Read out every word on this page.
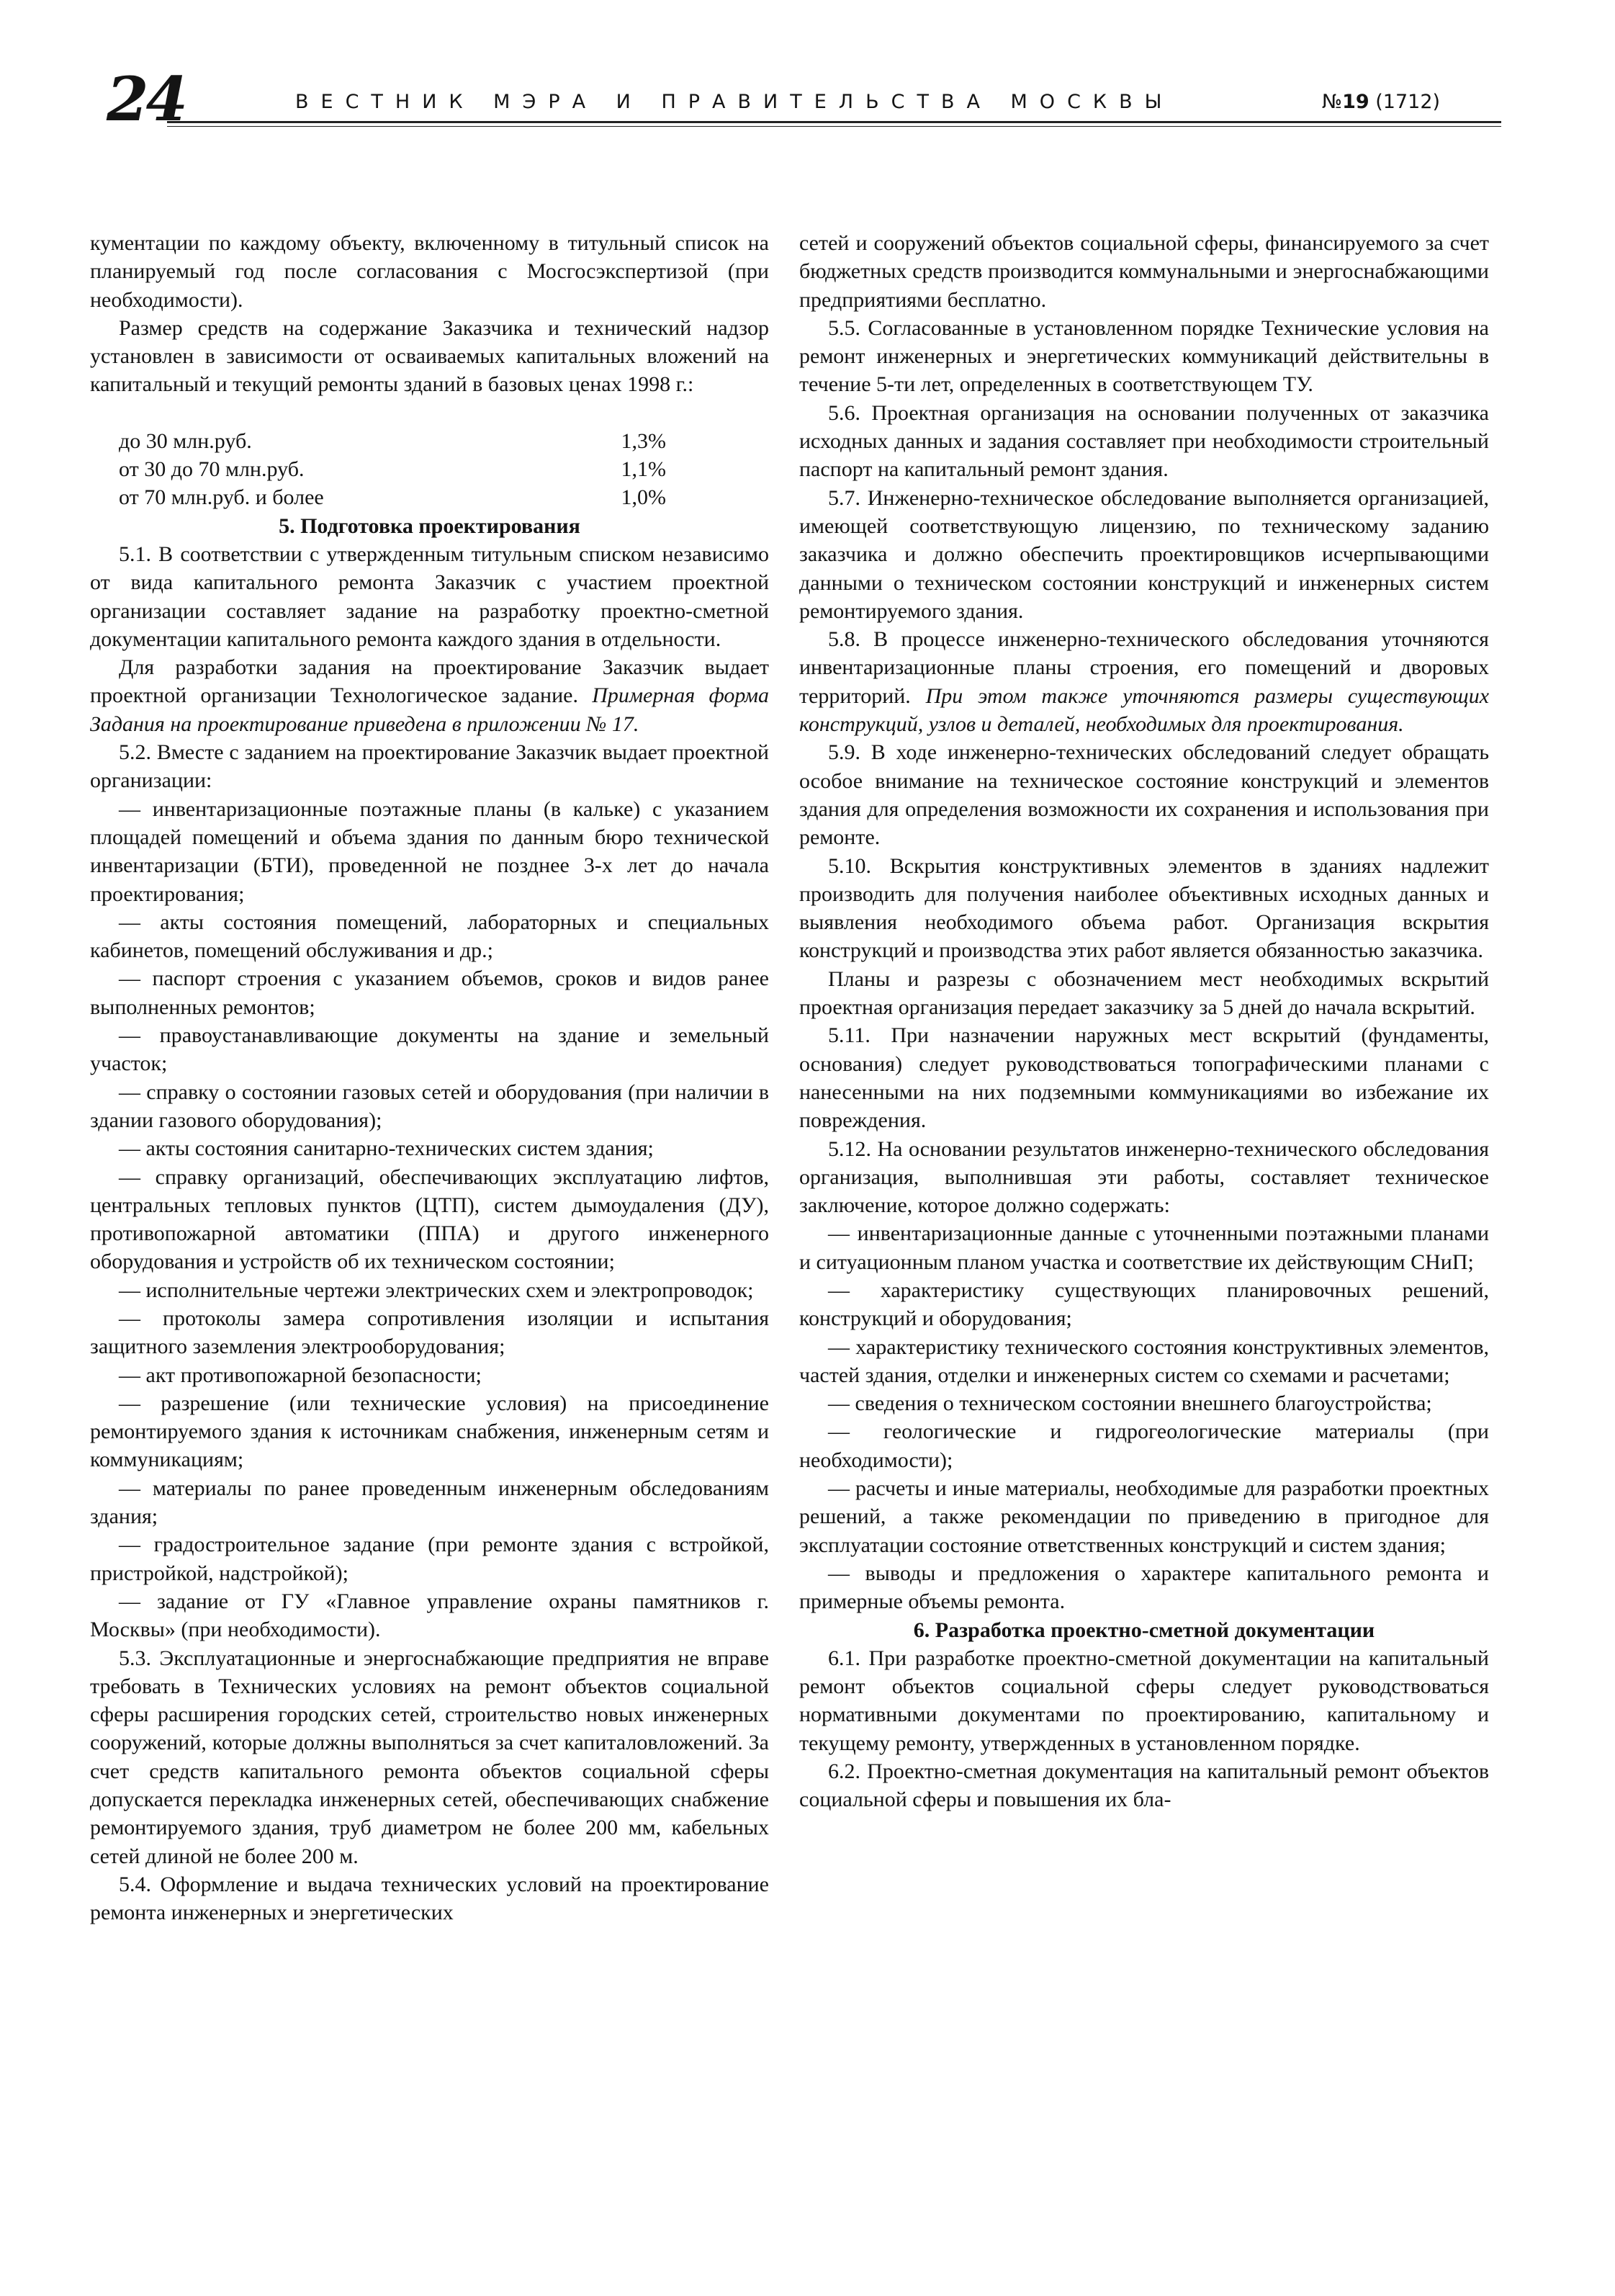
24	ВЕСТНИК МЭРА И ПРАВИТЕЛЬСТВА МОСКВЫ	№19 (1712)

кументации по каждому объекту, включенному в титульный список на планируемый год после согласования с Мосгосэкспертизой (при необходимости).

Размер средств на содержание Заказчика и технический надзор установлен в зависимости от осваиваемых капитальных вложений на капитальный и текущий ремонты зданий в базовых ценах 1998 г.:

до 30 млн.руб.	1,3%
от 30 до 70 млн.руб.	1,1%
от 70 млн.руб. и более	1,0%
5. Подготовка проектирования

5.1. В соответствии с утвержденным титульным списком независимо от вида капитального ремонта Заказчик с участием проектной организации составляет задание на разработку проектно-сметной документации капитального ремонта каждого здания в отдельности.

Для разработки задания на проектирование Заказчик выдает проектной организации Технологическое задание. Примерная форма Задания на проектирование приведена в приложении № 17.

5.2. Вместе с заданием на проектирование Заказчик выдает проектной организации:

— инвентаризационные поэтажные планы (в кальке) с указанием площадей помещений и объема здания по данным бюро технической инвентаризации (БТИ), проведенной не позднее 3-х лет до начала проектирования;

— акты состояния помещений, лабораторных и специальных кабинетов, помещений обслуживания и др.;

— паспорт строения с указанием объемов, сроков и видов ранее выполненных ремонтов;

— правоустанавливающие документы на здание и земельный участок;

— справку о состоянии газовых сетей и оборудования (при наличии в здании газового оборудования);

— акты состояния санитарно-технических систем здания;

— справку организаций, обеспечивающих эксплуатацию лифтов, центральных тепловых пунктов (ЦТП), систем дымоудаления (ДУ), противопожарной автоматики (ППА) и другого инженерного оборудования и устройств об их техническом состоянии;

— исполнительные чертежи электрических схем и электропроводок;

— протоколы замера сопротивления изоляции и испытания защитного заземления электрооборудования;

— акт противопожарной безопасности;

— разрешение (или технические условия) на присоединение ремонтируемого здания к источникам снабжения, инженерным сетям и коммуникациям;

— материалы по ранее проведенным инженерным обследованиям здания;

— градостроительное задание (при ремонте здания с встройкой, пристройкой, надстройкой);

— задание от ГУ «Главное управление охраны памятников г. Москвы» (при необходимости).

5.3. Эксплуатационные и энергоснабжающие предприятия не вправе требовать в Технических условиях на ремонт объектов социальной сферы расширения городских сетей, строительство новых инженерных сооружений, которые должны выполняться за счет капиталовложений. За счет средств капитального ремонта объектов социальной сферы допускается перекладка инженерных сетей, обеспечивающих снабжение ремонтируемого здания, труб диаметром не более 200 мм, кабельных сетей длиной не более 200 м.

5.4. Оформление и выдача технических условий на проектирование ремонта инженерных и энергетических

сетей и сооружений объектов социальной сферы, финансируемого за счет бюджетных средств производится коммунальными и энергоснабжающими предприятиями бесплатно.

5.5. Согласованные в установленном порядке Технические условия на ремонт инженерных и энергетических коммуникаций действительны в течение 5-ти лет, определенных в соответствующем ТУ.

5.6. Проектная организация на основании полученных от заказчика исходных данных и задания составляет при необходимости строительный паспорт на капитальный ремонт здания.

5.7. Инженерно-техническое обследование выполняется организацией, имеющей соответствующую лицензию, по техническому заданию заказчика и должно обеспечить проектировщиков исчерпывающими данными о техническом состоянии конструкций и инженерных систем ремонтируемого здания.

5.8. В процессе инженерно-технического обследования уточняются инвентаризационные планы строения, его помещений и дворовых территорий. При этом также уточняются размеры существующих конструкций, узлов и деталей, необходимых для проектирования.

5.9. В ходе инженерно-технических обследований следует обращать особое внимание на техническое состояние конструкций и элементов здания для определения возможности их сохранения и использования при ремонте.

5.10. Вскрытия конструктивных элементов в зданиях надлежит производить для получения наиболее объективных исходных данных и выявления необходимого объема работ. Организация вскрытия конструкций и производства этих работ является обязанностью заказчика.

Планы и разрезы с обозначением мест необходимых вскрытий проектная организация передает заказчику за 5 дней до начала вскрытий.

5.11. При назначении наружных мест вскрытий (фундаменты, основания) следует руководствоваться топографическими планами с нанесенными на них подземными коммуникациями во избежание их повреждения.

5.12. На основании результатов инженерно-технического обследования организация, выполнившая эти работы, составляет техническое заключение, которое должно содержать:

— инвентаризационные данные с уточненными поэтажными планами и ситуационным планом участка и соответствие их действующим СНиП;

— характеристику существующих планировочных решений, конструкций и оборудования;

— характеристику технического состояния конструктивных элементов, частей здания, отделки и инженерных систем со схемами и расчетами;

— сведения о техническом состоянии внешнего благоустройства;

— геологические и гидрогеологические материалы (при необходимости);

— расчеты и иные материалы, необходимые для разработки проектных решений, а также рекомендации по приведению в пригодное для эксплуатации состояние ответственных конструкций и систем здания;

— выводы и предложения о характере капитального ремонта и примерные объемы ремонта.

6. Разработка проектно-сметной документации

6.1. При разработке проектно-сметной документации на капитальный ремонт объектов социальной сферы следует руководствоваться нормативными документами по проектированию, капитальному и текущему ремонту, утвержденных в установленном порядке.

6.2. Проектно-сметная документация на капитальный ремонт объектов социальной сферы и повышения их бла-
